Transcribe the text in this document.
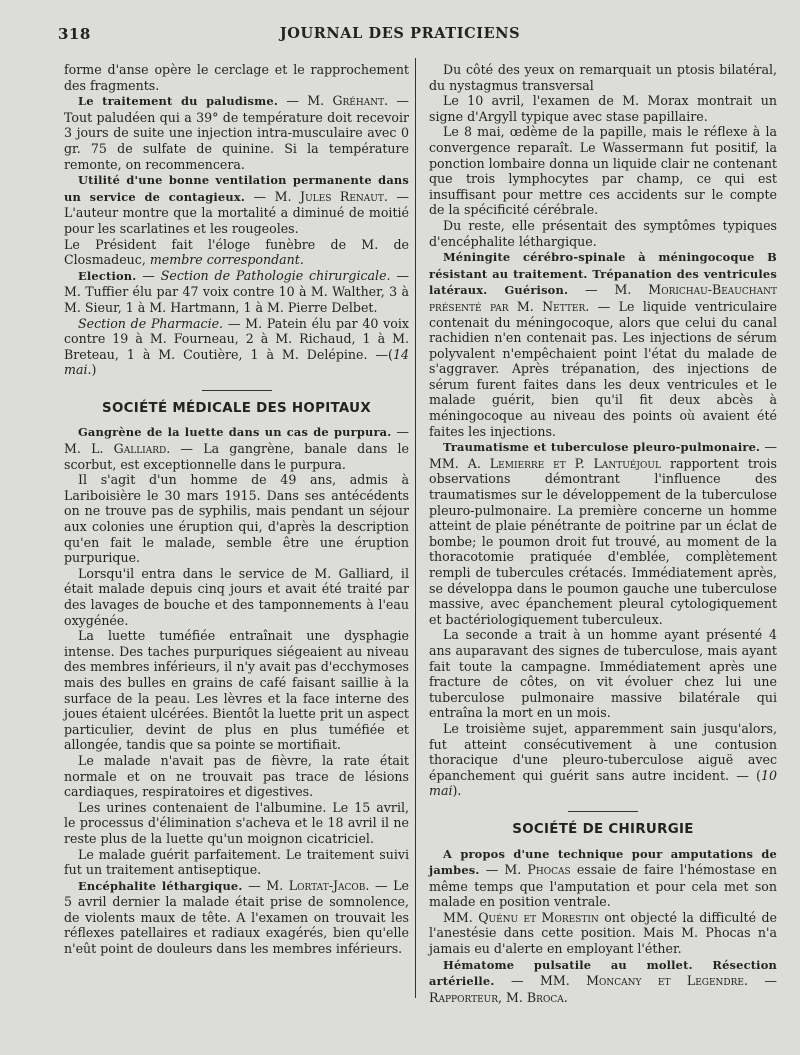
318	JOURNAL DES PRATICIENS

forme d'anse opère le cerclage et le rapprochement des fragments.

Le traitement du paludisme. — M. Gréhant. — Tout paludéen qui a 39° de température doit recevoir 3 jours de suite une injection intra-musculaire avec 0 gr. 75 de sulfate de quinine. Si la température remonte, on recommencera.

Utilité d'une bonne ventilation permanente dans un service de contagieux. — M. Jules Renaut. — L'auteur montre que la mortalité a diminué de moitié pour les scarlatines et les rougeoles.

Le Président fait l'éloge funèbre de M. de Closmadeuc, membre correspondant.

Election. — Section de Pathologie chirurgicale. — M. Tuffier élu par 47 voix contre 10 à M. Walther, 3 à M. Sieur, 1 à M. Hartmann, 1 à M. Pierre Delbet.

Section de Pharmacie. — M. Patein élu par 40 voix contre 19 à M. Fourneau, 2 à M. Richaud, 1 à M. Breteau, 1 à M. Coutière, 1 à M. Delépine. —(14 mai.)

SOCIÉTÉ MÉDICALE DES HOPITAUX

Gangrène de la luette dans un cas de purpura. — M. L. Galliard. — La gangrène, banale dans le scorbut, est exceptionnelle dans le purpura.

Il s'agit d'un homme de 49 ans, admis à Lariboisière le 30 mars 1915. Dans ses antécédents on ne trouve pas de syphilis, mais pendant un séjour aux colonies une éruption qui, d'après la description qu'en fait le malade, semble être une éruption purpurique.

Lorsqu'il entra dans le service de M. Galliard, il était malade depuis cinq jours et avait été traité par des lavages de bouche et des tamponnements à l'eau oxygénée.

La luette tuméfiée entraînait une dysphagie intense. Des taches purpuriques siégeaient au niveau des membres inférieurs, il n'y avait pas d'ecchymoses mais des bulles en grains de café faisant saillie à la surface de la peau. Les lèvres et la face interne des joues étaient ulcérées. Bientôt la luette prit un aspect particulier, devint de plus en plus tuméfiée et allongée, tandis que sa pointe se mortifiait.

Le malade n'avait pas de fièvre, la rate était normale et on ne trouvait pas trace de lésions cardiaques, respiratoires et digestives.

Les urines contenaient de l'albumine. Le 15 avril, le processus d'élimination s'acheva et le 18 avril il ne reste plus de la luette qu'un moignon cicatriciel.

Le malade guérit parfaitement. Le traitement suivi fut un traitement antiseptique.

Encéphalite léthargique. — M. Lortat-Jacob. — Le 5 avril dernier la malade était prise de somnolence, de violents maux de tête. A l'examen on trouvait les réflexes patellaires et radiaux exagérés, bien qu'elle n'eût point de douleurs dans les membres inférieurs.

Du côté des yeux on remarquait un ptosis bilatéral, du nystagmus transversal

Le 10 avril, l'examen de M. Morax montrait un signe d'Argyll typique avec stase papillaire.

Le 8 mai, œdème de la papille, mais le réflexe à la convergence reparaît. Le Wassermann fut positif, la ponction lombaire donna un liquide clair ne contenant que trois lymphocytes par champ, ce qui est insuffisant pour mettre ces accidents sur le compte de la spécificité cérébrale.

Du reste, elle présentait des symptômes typiques d'encéphalite léthargique.

Méningite cérébro-spinale à méningocoque B résistant au traitement. Trépanation des ventricules latéraux. Guérison. — M. Morichau-Beauchant présenté par M. Netter. — Le liquide ventriculaire contenait du méningocoque, alors que celui du canal rachidien n'en contenait pas. Les injections de sérum polyvalent n'empêchaient point l'état du malade de s'aggraver. Après trépanation, des injections de sérum furent faites dans les deux ventricules et le malade guérit, bien qu'il fit deux abcès à méningocoque au niveau des points où avaient été faites les injections.

Traumatisme et tuberculose pleuro-pulmonaire. — MM. A. Lemierre et P. Lantuéjoul rapportent trois observations démontrant l'influence des traumatismes sur le développement de la tuberculose pleuro-pulmonaire. La première concerne un homme atteint de plaie pénétrante de poitrine par un éclat de bombe; le poumon droit fut trouvé, au moment de la thoracotomie pratiquée d'emblée, complètement rempli de tubercules crétacés. Immédiatement après, se développa dans le poumon gauche une tuberculose massive, avec épanchement pleural cytologiquement et bactériologiquement tuberculeux.

La seconde a trait à un homme ayant présenté 4 ans auparavant des signes de tuberculose, mais ayant fait toute la campagne. Immédiatement après une fracture de côtes, on vit évoluer chez lui une tuberculose pulmonaire massive bilatérale qui entraîna la mort en un mois.

Le troisième sujet, apparemment sain jusqu'alors, fut atteint consécutivement à une contusion thoracique d'une pleuro-tuberculose aiguë avec épanchement qui guérit sans autre incident. — (10 mai).

SOCIÉTÉ DE CHIRURGIE

A propos d'une technique pour amputations de jambes. — M. Phocas essaie de faire l'hémostase en même temps que l'amputation et pour cela met son malade en position ventrale.

MM. Quénu et Morestin ont objecté la difficulté de l'anestésie dans cette position. Mais M. Phocas n'a jamais eu d'alerte en employant l'éther.

Hématome pulsatile au mollet. Résection artérielle. — MM. Moncany et Legendre. — Rapporteur, M. Broca.
